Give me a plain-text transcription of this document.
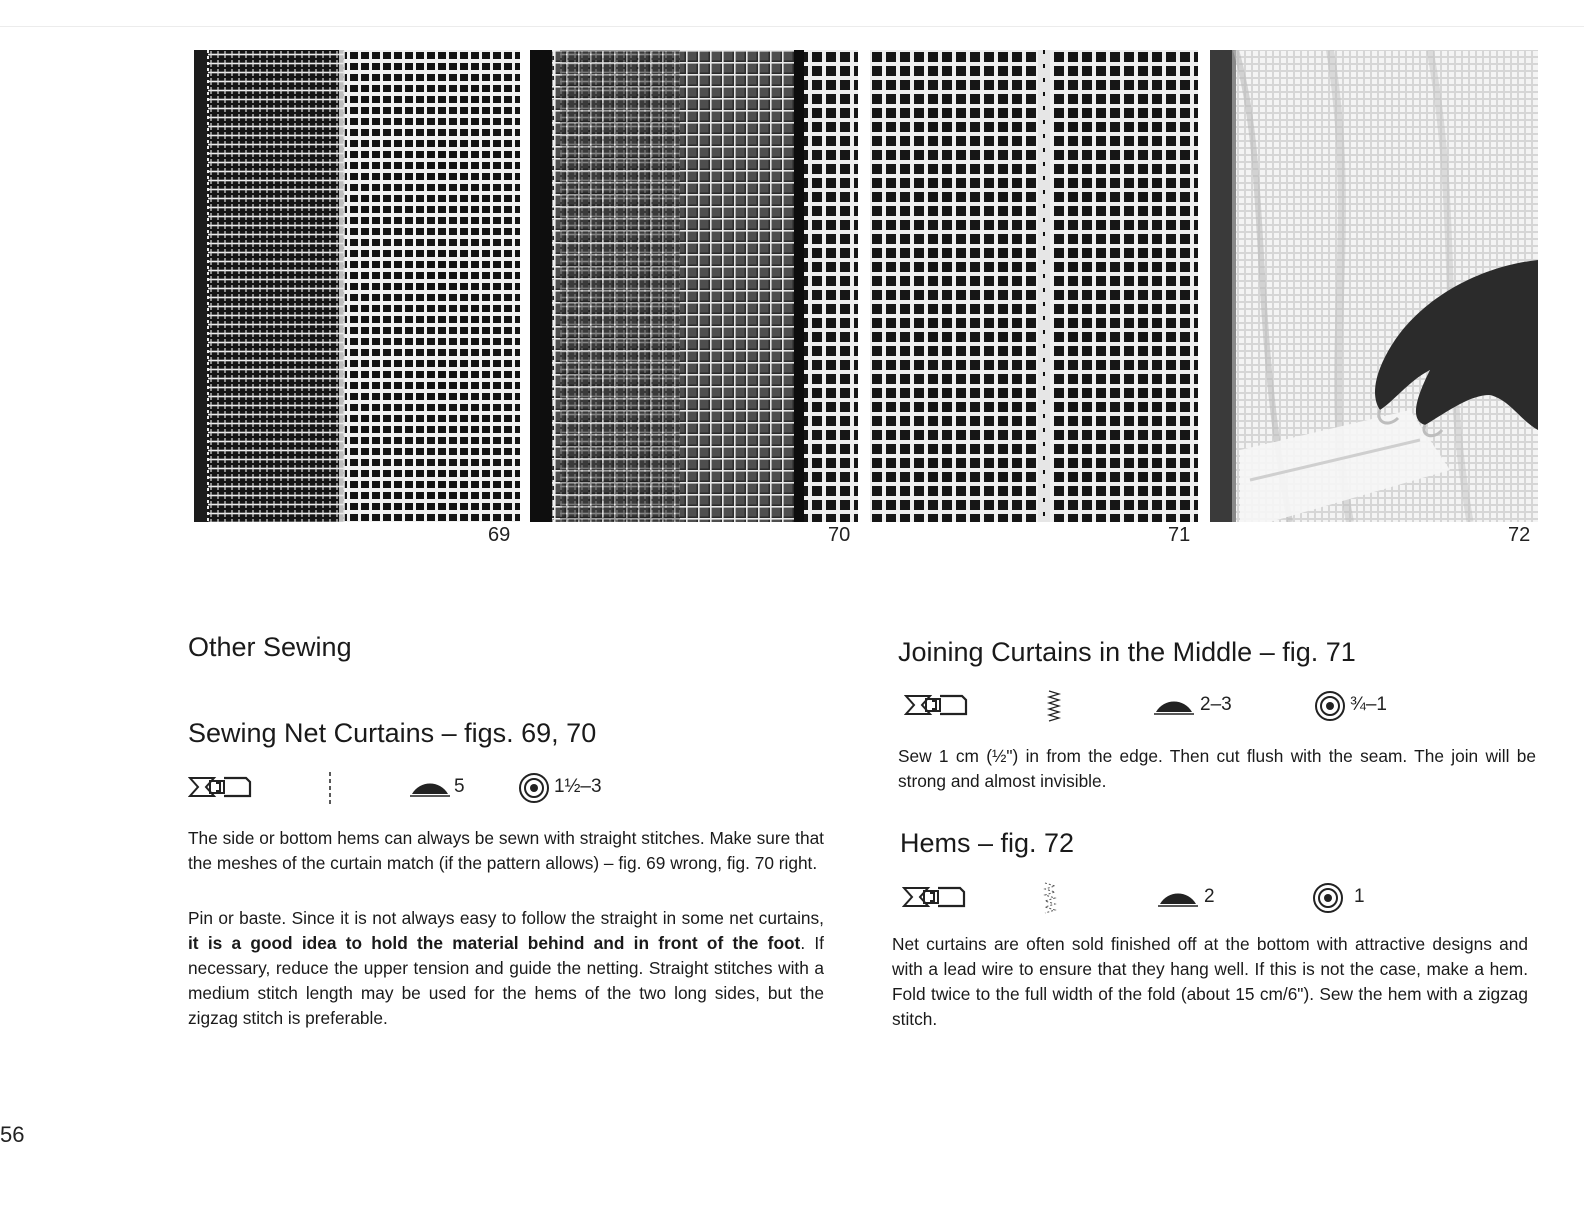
69	70	71	72
Other Sewing
Sewing Net Curtains – figs. 69, 70
5	1½–3

The side or bottom hems can always be sewn with straight stitches. Make sure that the meshes of the curtain match (if the pattern allows) – fig. 69 wrong, fig. 70 right.

Pin or baste. Since it is not always easy to follow the straight in some net curtains, it is a good idea to hold the material behind and in front of the foot. If necessary, reduce the upper tension and guide the netting. Straight stitches with a medium stitch length may be used for the hems of the two long sides, but the zigzag stitch is preferable.

Joining Curtains in the Middle – fig. 71
2–3	¾–1

Sew 1 cm (½") in from the edge. Then cut flush with the seam. The join will be strong and almost invisible.

Hems – fig. 72
2	1

Net curtains are often sold finished off at the bottom with attractive designs and with a lead wire to ensure that they hang well. If this is not the case, make a hem. Fold twice to the full width of the fold (about 15 cm/6"). Sew the hem with a zigzag stitch.

56
